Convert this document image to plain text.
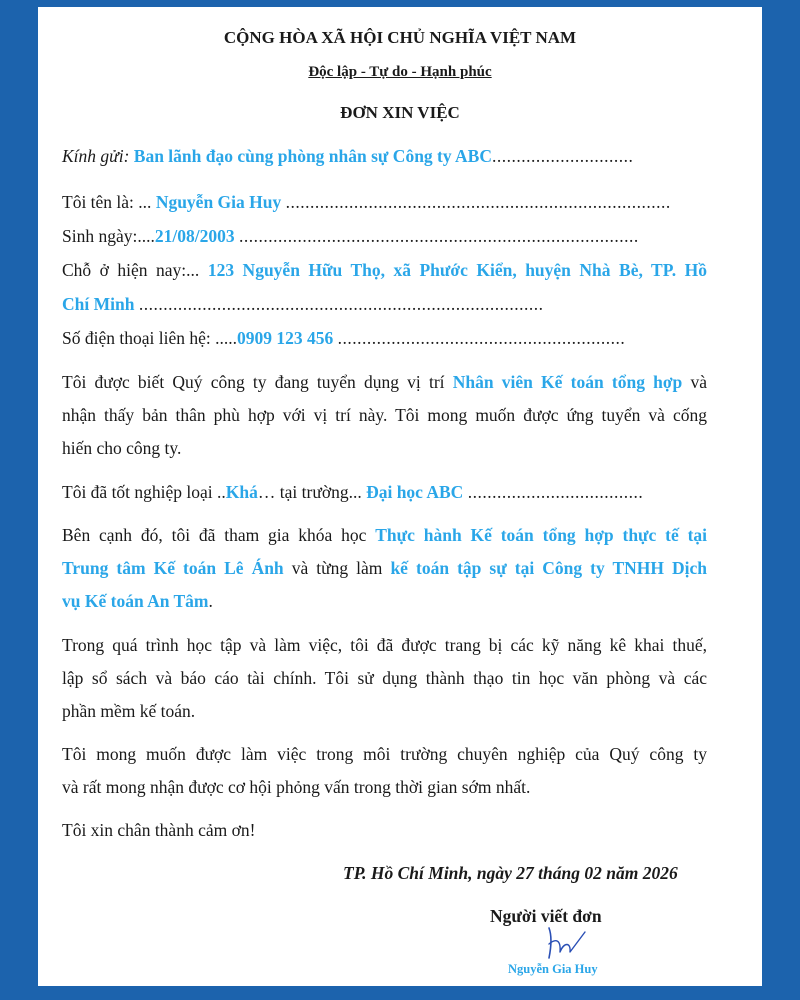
CỘNG HÒA XÃ HỘI CHỦ NGHĨA VIỆT NAM

Độc lập - Tự do - Hạnh phúc

ĐƠN XIN VIỆC

Kính gửi: Ban lãnh đạo cùng phòng nhân sự Công ty ABC.............................

Tôi tên là: ... Nguyễn Gia Huy ...............................................................................

Sinh ngày:....21/08/2003 ..................................................................................

Chỗ ở hiện nay:... 123 Nguyễn Hữu Thọ, xã Phước Kiển, huyện Nhà Bè, TP. Hồ

Chí Minh ...................................................................................

Số điện thoại liên hệ: .....0909 123 456 ...........................................................

Tôi được biết Quý công ty đang tuyển dụng vị trí Nhân viên Kế toán tổng hợp và

nhận thấy bản thân phù hợp với vị trí này. Tôi mong muốn được ứng tuyển và cống

hiến cho công ty.

Tôi đã tốt nghiệp loại ..Khá… tại trường... Đại học ABC ....................................

Bên cạnh đó, tôi đã tham gia khóa học Thực hành Kế toán tổng hợp thực tế tại

Trung tâm Kế toán Lê Ánh và từng làm kế toán tập sự tại Công ty TNHH Dịch

vụ Kế toán An Tâm.

Trong quá trình học tập và làm việc, tôi đã được trang bị các kỹ năng kê khai thuế,

lập sổ sách và báo cáo tài chính. Tôi sử dụng thành thạo tin học văn phòng và các

phần mềm kế toán.

Tôi mong muốn được làm việc trong môi trường chuyên nghiệp của Quý công ty

và rất mong nhận được cơ hội phỏng vấn trong thời gian sớm nhất.

Tôi xin chân thành cảm ơn!

TP. Hồ Chí Minh, ngày 27 tháng 02 năm 2026

Người viết đơn

Nguyễn Gia Huy
